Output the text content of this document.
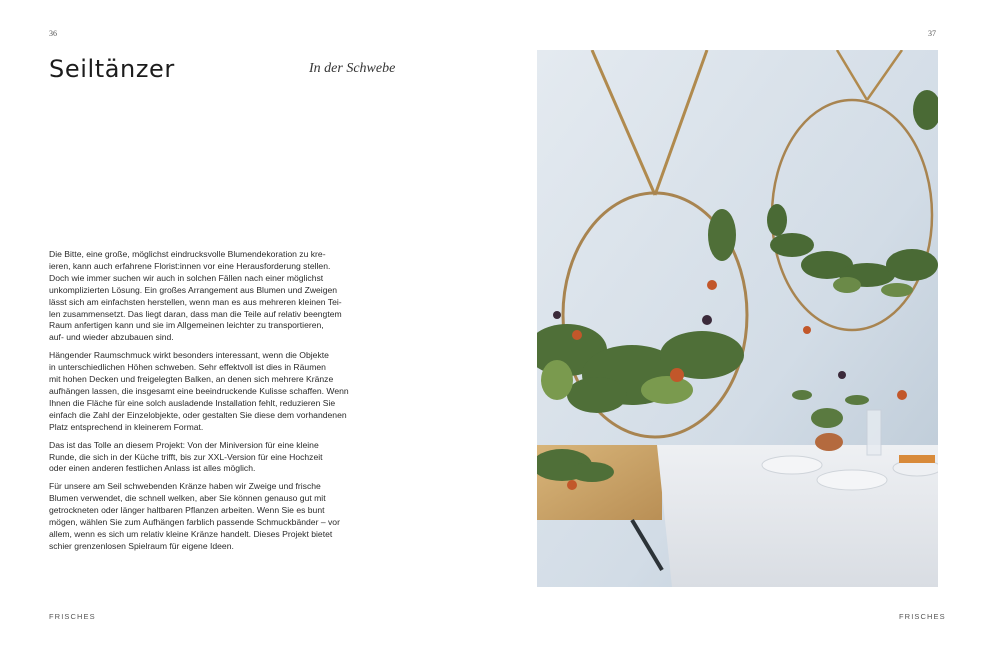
36	37
Seiltänzer	In der Schwebe

Die Bitte, eine große, möglichst eindrucksvolle Blumendekoration zu kre-
ieren, kann auch erfahrene Florist:innen vor eine Herausforderung stellen.
Doch wie immer suchen wir auch in solchen Fällen nach einer möglichst
unkomplizierten Lösung. Ein großes Arrangement aus Blumen und Zweigen
lässt sich am einfachsten herstellen, wenn man es aus mehreren kleinen Tei-
len zusammensetzt. Das liegt daran, dass man die Teile auf relativ beengtem
Raum anfertigen kann und sie im Allgemeinen leichter zu transportieren,
auf- und wieder abzubauen sind.

Hängender Raumschmuck wirkt besonders interessant, wenn die Objekte
in unterschiedlichen Höhen schweben. Sehr effektvoll ist dies in Räumen
mit hohen Decken und freigelegten Balken, an denen sich mehrere Kränze
aufhängen lassen, die insgesamt eine beeindruckende Kulisse schaffen. Wenn
Ihnen die Fläche für eine solch ausladende Installation fehlt, reduzieren Sie
einfach die Zahl der Einzelobjekte, oder gestalten Sie diese dem vorhandenen
Platz entsprechend in kleinerem Format.

Das ist das Tolle an diesem Projekt: Von der Miniversion für eine kleine
Runde, die sich in der Küche trifft, bis zur XXL-Version für eine Hochzeit
oder einen anderen festlichen Anlass ist alles möglich.

Für unsere am Seil schwebenden Kränze haben wir Zweige und frische
Blumen verwendet, die schnell welken, aber Sie können genauso gut mit
getrockneten oder länger haltbaren Pflanzen arbeiten. Wenn Sie es bunt
mögen, wählen Sie zum Aufhängen farblich passende Schmuckbänder – vor
allem, wenn es sich um relativ kleine Kränze handelt. Dieses Projekt bietet
schier grenzenlosen Spielraum für eigene Ideen.

FRISCHES	FRISCHES
